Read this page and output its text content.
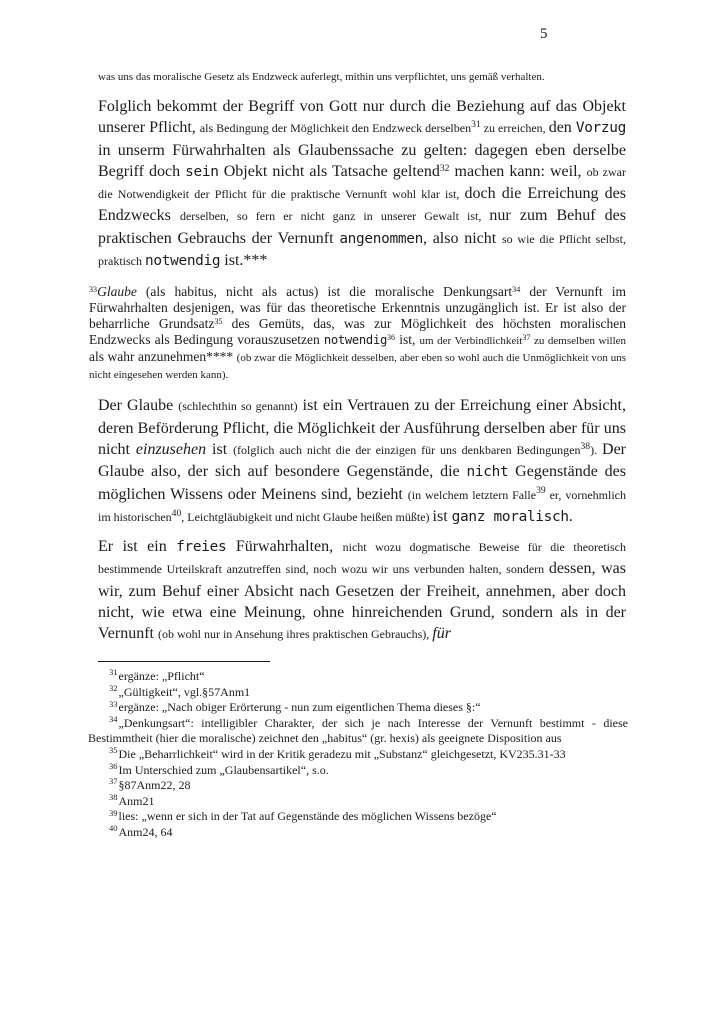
5
was uns das moralische Gesetz als Endzweck auferlegt, mithin uns verpflichtet, uns gemäß verhalten.

Folglich bekommt der Begriff von Gott nur durch die Beziehung auf das Objekt unserer Pflicht, als Bedingung der Möglichkeit den Endzweck derselben$^{31}$ zu erreichen, den Vorzug in unserm Fürwahrhalten als Glaubenssache zu gelten: dagegen eben derselbe Begriff doch sein Objekt nicht als Tatsache geltend$^{32}$ machen kann: weil, ob zwar die Notwendigkeit der Pflicht für die praktische Vernunft wohl klar ist, doch die Erreichung des Endzwecks derselben, so fern er nicht ganz in unserer Gewalt ist, nur zum Behuf des praktischen Gebrauchs der Vernunft angenommen, also nicht so wie die Pflicht selbst, praktisch notwendig ist.***

$^{33}$Glaube (als habitus, nicht als actus) ist die moralische Denkungsart$^{34}$ der Vernunft im Fürwahrhalten desjenigen, was für das theoretische Erkenntnis unzugänglich ist. Er ist also der beharrliche Grundsatz$^{35}$ des Gemüts, das, was zur Möglichkeit des höchsten moralischen Endzwecks als Bedingung vorauszusetzen notwendig$^{36}$ ist, um der Verbindlichkeit$^{37}$ zu demselben willen als wahr anzunehmen**** (ob zwar die Möglichkeit desselben, aber eben so wohl auch die Unmöglichkeit von uns nicht eingesehen werden kann).

Der Glaube (schlechthin so genannt) ist ein Vertrauen zu der Erreichung einer Absicht, deren Beförderung Pflicht, die Möglichkeit der Ausführung derselben aber für uns nicht einzusehen ist (folglich auch nicht die der einzigen für uns denkbaren Bedingungen$^{38}$). Der Glaube also, der sich auf besondere Gegenstände, die nicht Gegenstände des möglichen Wissens oder Meinens sind, bezieht (in welchem letztern Falle$^{39}$ er, vornehmlich im historischen$^{40}$, Leichtgläubigkeit und nicht Glaube heißen müßte) ist ganz moralisch.

Er ist ein freies Fürwahrhalten, nicht wozu dogmatische Beweise für die theoretisch bestimmende Urteilskraft anzutreffen sind, noch wozu wir uns verbunden halten, sondern dessen, was wir, zum Behuf einer Absicht nach Gesetzen der Freiheit, annehmen, aber doch nicht, wie etwa eine Meinung, ohne hinreichenden Grund, sondern als in der Vernunft (ob wohl nur in Ansehung ihres praktischen Gebrauchs), für

$^{31}$ergänze: „Pflicht“
$^{32}$„Gültigkeit“, vgl.§57Anm1
$^{33}$ergänze: „Nach obiger Erörterung - nun zum eigentlichen Thema dieses §:“
$^{34}$„Denkungsart“: intelligibler Charakter, der sich je nach Interesse der Vernunft bestimmt - diese Bestimmtheit (hier die moralische) zeichnet den „habitus“ (gr. hexis) als geeignete Disposition aus
$^{35}$Die „Beharrlichkeit“ wird in der Kritik geradezu mit „Substanz“ gleichgesetzt, KV235.31-33
$^{36}$Im Unterschied zum „Glaubensartikel“, s.o.
$^{37}$§87Anm22, 28
$^{38}$Anm21
$^{39}$lies: „wenn er sich in der Tat auf Gegenstände des möglichen Wissens bezöge“
$^{40}$Anm24, 64
